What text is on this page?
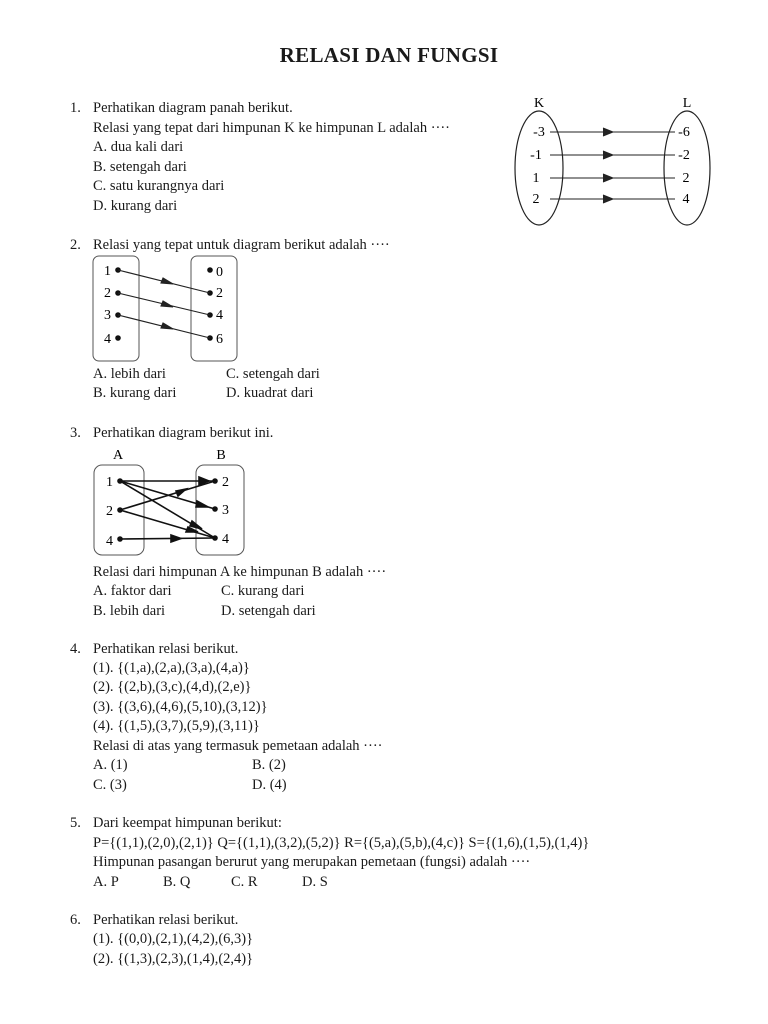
RELASI DAN FUNGSI
1. Perhatikan diagram panah berikut.
Relasi yang tepat dari himpunan K ke himpunan L adalah ····
A. dua kali dari
B. setengah dari
C. satu kurangnya dari
D. kurang dari
K	L
-3
-1
1
2
-6
-2
2
4
2. Relasi yang tepat untuk diagram berikut adalah ····
1
2
3
4
0
2
4
6
A. lebih dari	C. setengah dari
B. kurang dari	D. kuadrat dari
3. Perhatikan diagram berikut ini.
A	B
1
2
4
2
3
4
Relasi dari himpunan A ke himpunan B adalah ····
A. faktor dari	C. kurang dari
B. lebih dari	D. setengah dari
4. Perhatikan relasi berikut.
(1). {(1,a),(2,a),(3,a),(4,a)}
(2). {(2,b),(3,c),(4,d),(2,e)}
(3). {(3,6),(4,6),(5,10),(3,12)}
(4). {(1,5),(3,7),(5,9),(3,11)}
Relasi di atas yang termasuk pemetaan adalah ····
A. (1)	B. (2)
C. (3)	D. (4)
5. Dari keempat himpunan berikut:
P={(1,1),(2,0),(2,1)} Q={(1,1),(3,2),(5,2)} R={(5,a),(5,b),(4,c)} S={(1,6),(1,5),(1,4)}
Himpunan pasangan berurut yang merupakan pemetaan (fungsi) adalah ····
A. P	B. Q	C. R	D. S
6. Perhatikan relasi berikut.
(1). {(0,0),(2,1),(4,2),(6,3)}
(2). {(1,3),(2,3),(1,4),(2,4)}
